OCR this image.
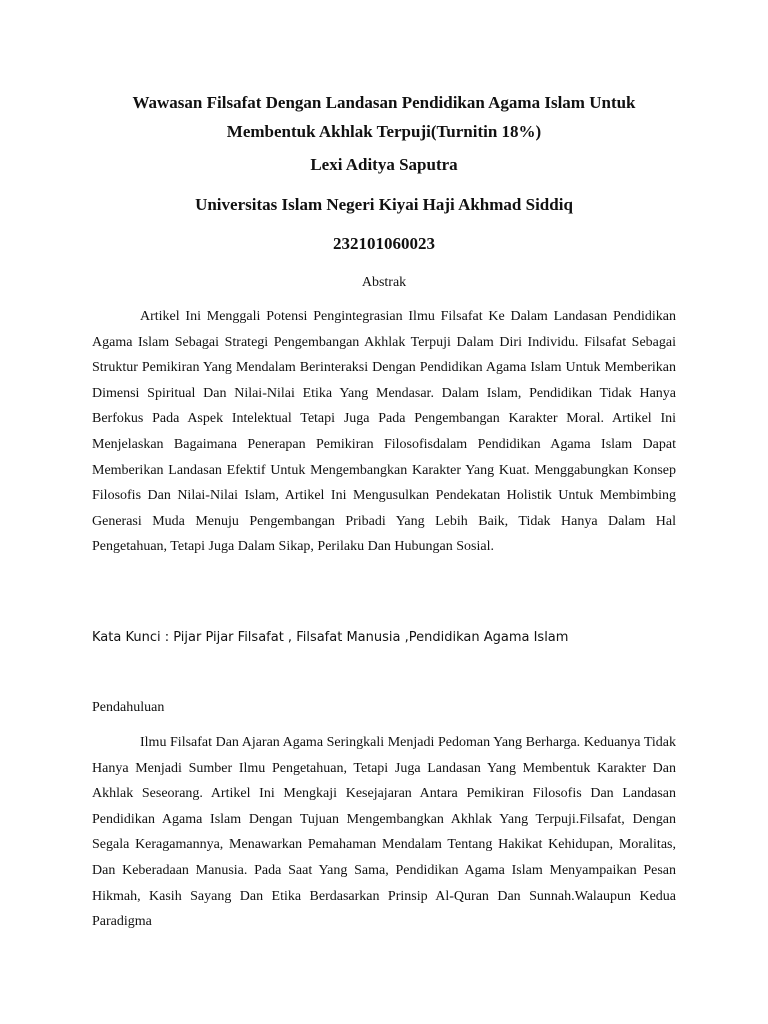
Wawasan Filsafat Dengan Landasan Pendidikan Agama Islam Untuk Membentuk Akhlak Terpuji(Turnitin 18%)

Lexi Aditya Saputra

Universitas Islam Negeri Kiyai Haji Akhmad Siddiq

232101060023

Abstrak

Artikel Ini Menggali Potensi Pengintegrasian Ilmu Filsafat Ke Dalam Landasan Pendidikan Agama Islam Sebagai Strategi Pengembangan Akhlak Terpuji Dalam Diri Individu. Filsafat Sebagai Struktur Pemikiran Yang Mendalam Berinteraksi Dengan Pendidikan Agama Islam Untuk Memberikan Dimensi Spiritual Dan Nilai-Nilai Etika Yang Mendasar. Dalam Islam, Pendidikan Tidak Hanya Berfokus Pada Aspek Intelektual Tetapi Juga Pada Pengembangan Karakter Moral. Artikel Ini Menjelaskan Bagaimana Penerapan Pemikiran Filosofisdalam Pendidikan Agama Islam Dapat Memberikan Landasan Efektif Untuk Mengembangkan Karakter Yang Kuat. Menggabungkan Konsep Filosofis Dan Nilai-Nilai Islam, Artikel Ini Mengusulkan Pendekatan Holistik Untuk Membimbing Generasi Muda Menuju Pengembangan Pribadi Yang Lebih Baik, Tidak Hanya Dalam Hal Pengetahuan, Tetapi Juga Dalam Sikap, Perilaku Dan Hubungan Sosial.

Kata Kunci : Pijar Pijar Filsafat , Filsafat Manusia ,Pendidikan Agama Islam

Pendahuluan

Ilmu Filsafat Dan Ajaran Agama Seringkali Menjadi Pedoman Yang Berharga. Keduanya Tidak Hanya Menjadi Sumber Ilmu Pengetahuan, Tetapi Juga Landasan Yang Membentuk Karakter Dan Akhlak Seseorang. Artikel Ini Mengkaji Kesejajaran Antara Pemikiran Filosofis Dan Landasan Pendidikan Agama Islam Dengan Tujuan Mengembangkan Akhlak Yang Terpuji.Filsafat, Dengan Segala Keragamannya, Menawarkan Pemahaman Mendalam Tentang Hakikat Kehidupan, Moralitas, Dan Keberadaan Manusia. Pada Saat Yang Sama, Pendidikan Agama Islam Menyampaikan Pesan Hikmah, Kasih Sayang Dan Etika Berdasarkan Prinsip Al-Quran Dan Sunnah.Walaupun Kedua Paradigma
